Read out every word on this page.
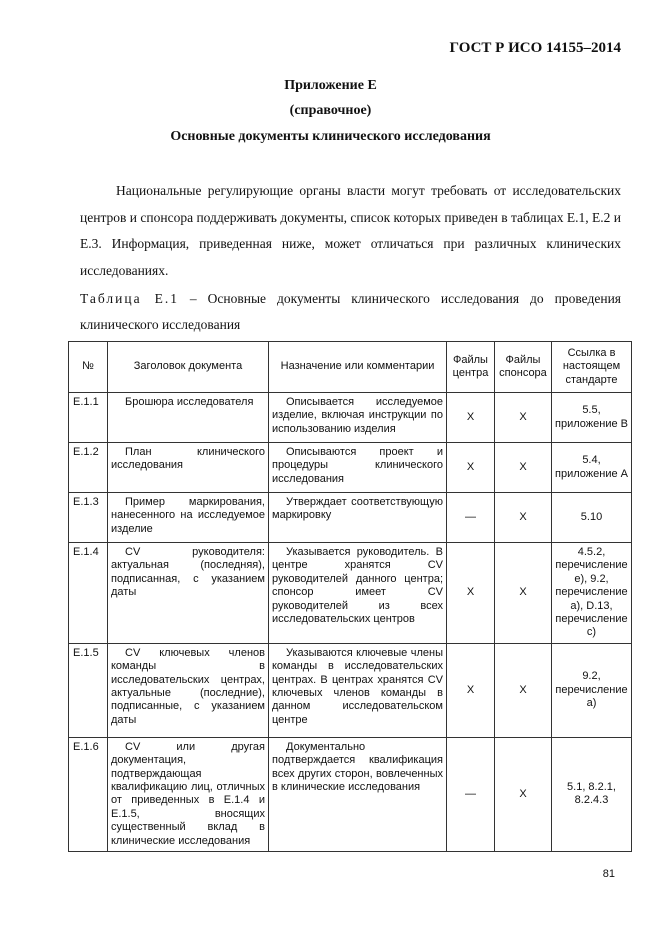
ГОСТ Р ИСО 14155–2014
Приложение Е
(справочное)
Основные документы клинического исследования
Национальные регулирующие органы власти могут требовать от исследовательских центров и спонсора поддерживать документы, список которых приведен в таблицах Е.1, Е.2 и Е.3. Информация, приведенная ниже, может отличаться при различных клинических исследованиях.
Таблица Е.1 – Основные документы клинического исследования до проведения клинического исследования
№	Заголовок документа	Назначение или комментарии	Файлы центра	Файлы спонсора	Ссылка в настоящем стандарте
Е.1.1	Брошюра исследователя	Описывается исследуемое изделие, включая инструкции по использованию изделия	X	X	5.5, приложение В
Е.1.2	План клинического исследования	Описываются проект и процедуры клинического исследования	X	X	5.4, приложение А
Е.1.3	Пример маркирования, нанесенного на исследуемое изделие	Утверждает соответствующую маркировку	—	X	5.10
Е.1.4	CV руководителя: актуальная (последняя), подписанная, с указанием даты	Указывается руководитель. В центре хранятся CV руководителей данного центра; спонсор имеет CV руководителей из всех исследовательских центров	X	X	4.5.2, перечисление е), 9.2, перечисление а), D.13, перечисление с)
Е.1.5	CV ключевых членов команды в исследовательских центрах, актуальные (последние), подписанные, с указанием даты	Указываются ключевые члены команды в исследовательских центрах. В центрах хранятся CV ключевых членов команды в данном исследовательском центре	X	X	9.2, перечисление а)
Е.1.6	CV или другая документация, подтверждающая квалификацию лиц, отличных от приведенных в Е.1.4 и Е.1.5, вносящих существенный вклад в клинические исследования	Документально подтверждается квалификация всех других сторон, вовлеченных в клинические исследования	—	X	5.1, 8.2.1, 8.2.4.3
81
